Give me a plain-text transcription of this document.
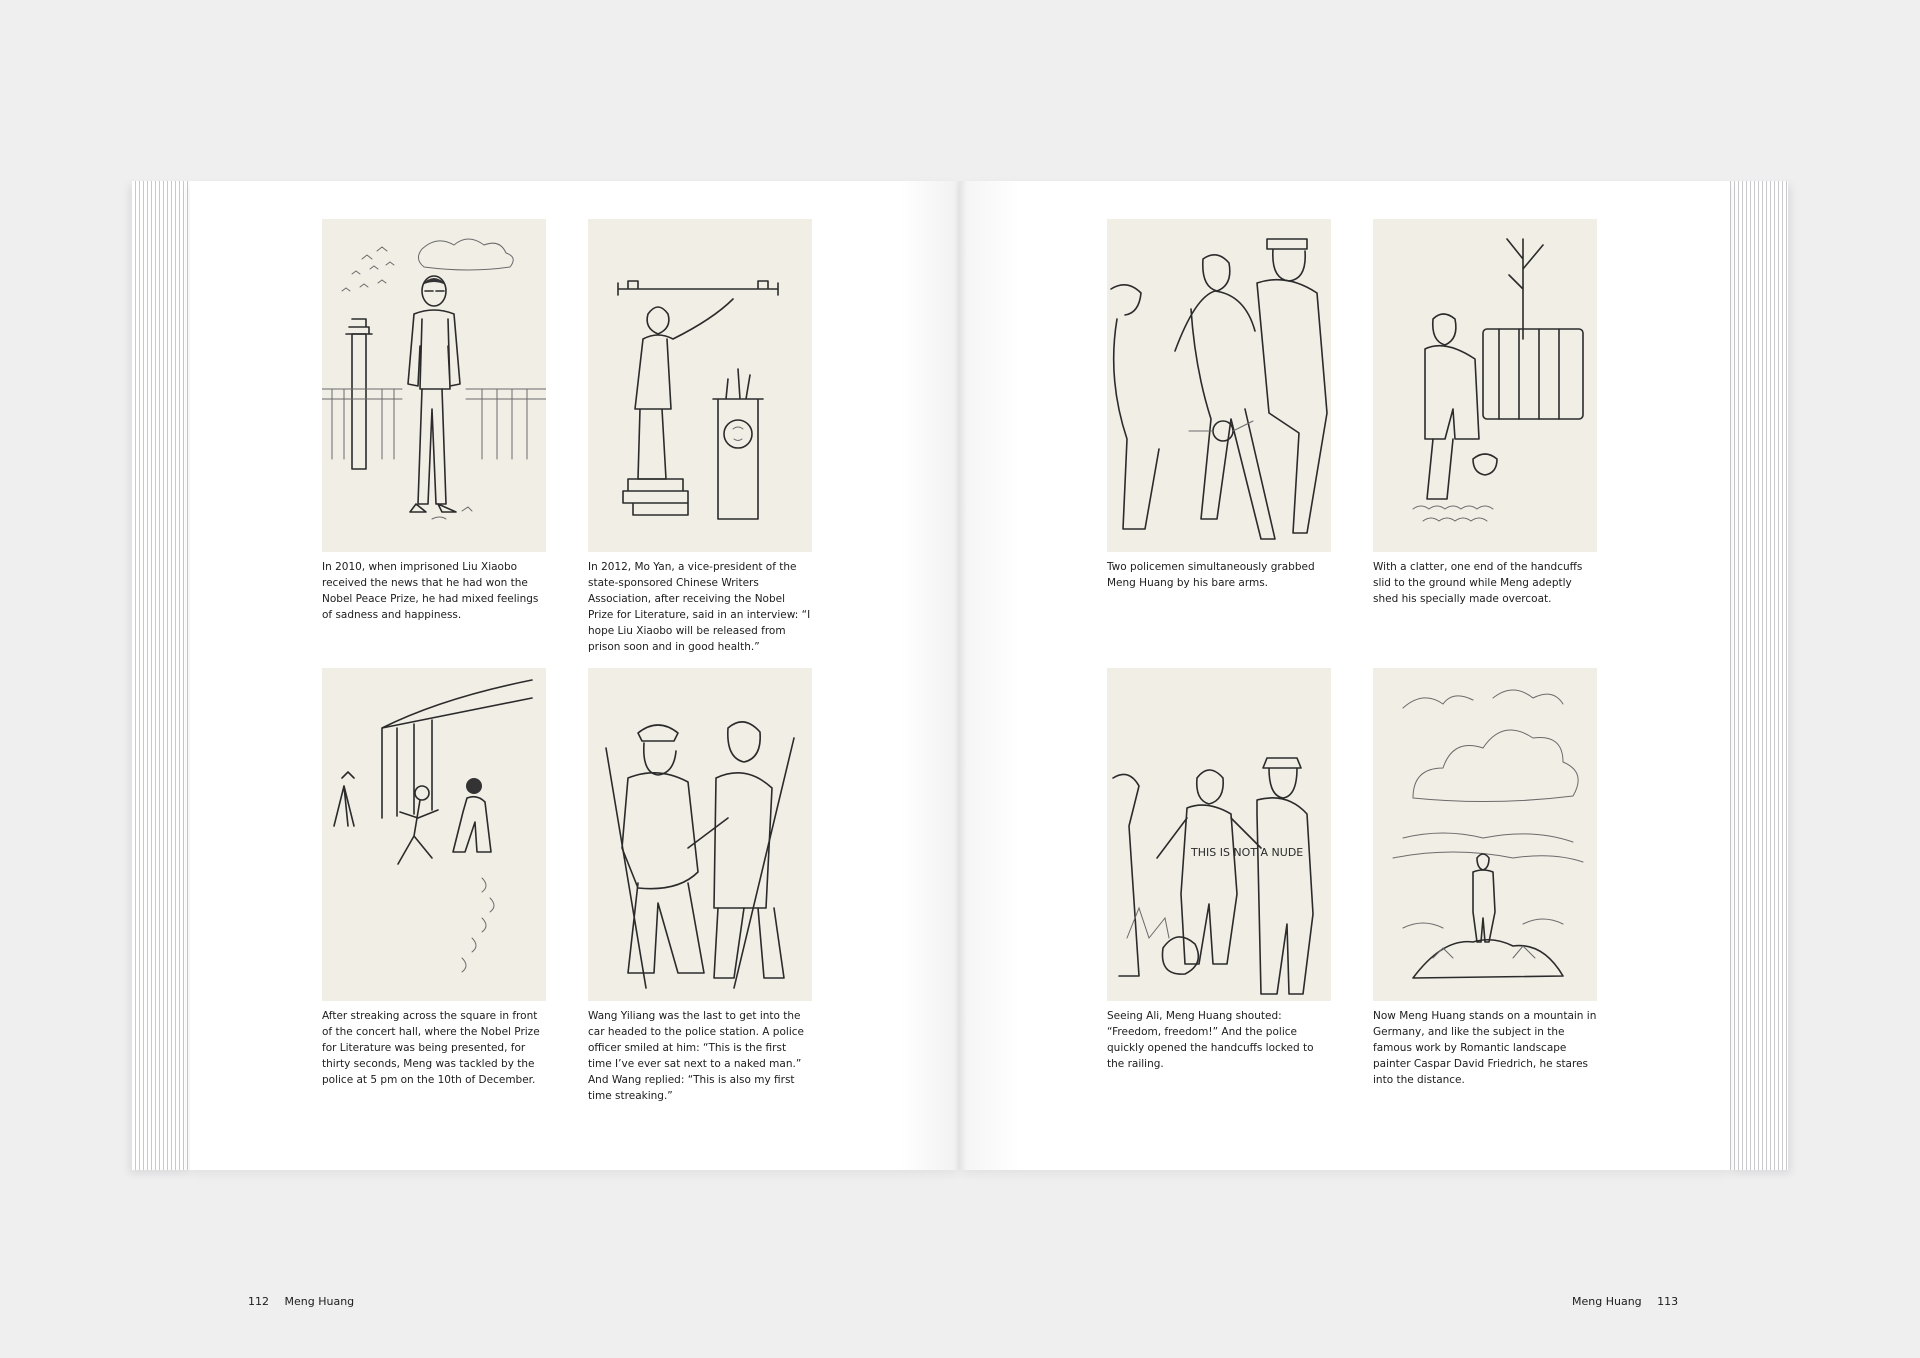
In 2010, when imprisoned Liu Xiaobo received the news that he had won the Nobel Peace Prize, he had mixed feelings of sadness and happiness.

In 2012, Mo Yan, a vice-president of the state-sponsored Chinese Writers Association, after receiving the Nobel Prize for Literature, said in an interview: “I hope Liu Xiaobo will be released from prison soon and in good health.”

After streaking across the square in front of the concert hall, where the Nobel Prize for Literature was being presented, for thirty seconds, Meng was tackled by the police at 5 pm on the 10th of December.

Wang Yiliang was the last to get into the car headed to the police station. A police officer smiled at him: “This is the first time I’ve ever sat next to a naked man.” And Wang replied: “This is also my first time streaking.”

112 Meng Huang

Two policemen simultaneously grabbed Meng Huang by his bare arms.

With a clatter, one end of the handcuffs slid to the ground while Meng adeptly shed his specially made overcoat.

THIS IS NOT A NUDE

Seeing Ali, Meng Huang shouted: “Freedom, freedom!” And the police quickly opened the handcuffs locked to the railing.

Now Meng Huang stands on a mountain in Germany, and like the subject in the famous work by Romantic landscape painter Caspar David Friedrich, he stares into the distance.

Meng Huang 113
